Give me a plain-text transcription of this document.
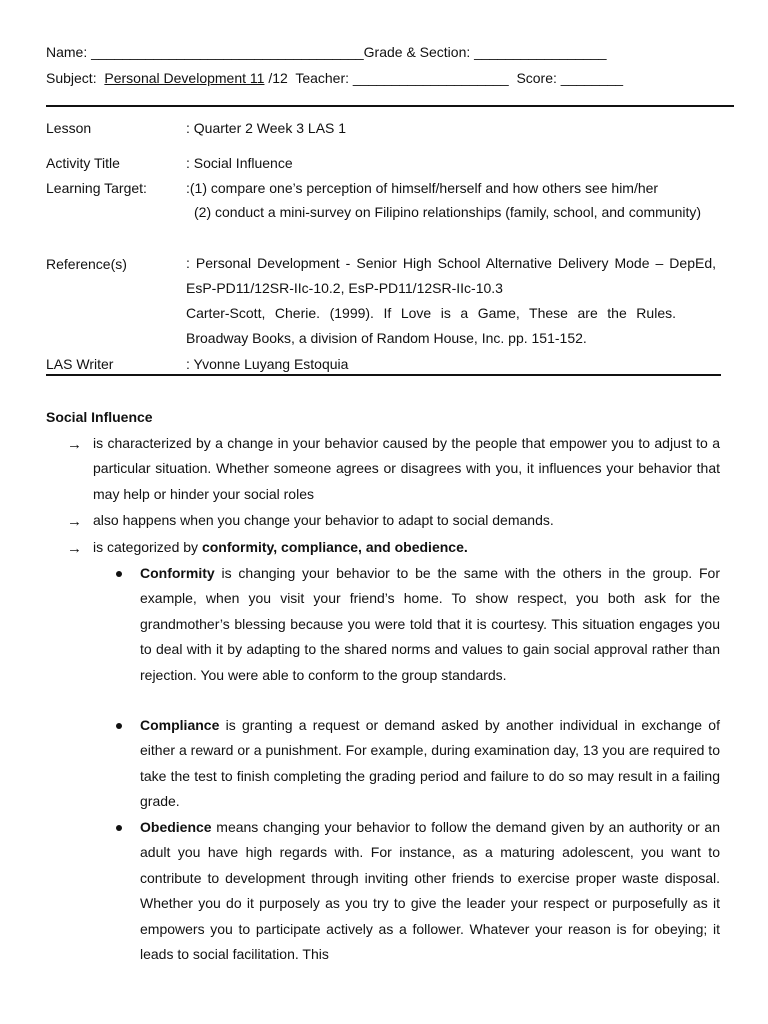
Name: ___________________________________Grade & Section: _________________
Subject: Personal Development 11 /12 Teacher: ____________________ Score: ________
Lesson	: Quarter 2 Week 3 LAS 1
Activity Title	: Social Influence
Learning Target:	:(1) compare one’s perception of himself/herself and how others see him/her
(2) conduct a mini-survey on Filipino relationships (family, school, and community)
Reference(s)	: Personal Development - Senior High School Alternative Delivery Mode – DepEd, EsP-PD11/12SR-IIc-10.2, EsP-PD11/12SR-IIc-10.3
Carter-Scott, Cherie. (1999). If Love is a Game, These are the Rules. Broadway Books, a division of Random House, Inc. pp. 151-152.
LAS Writer	: Yvonne Luyang Estoquia
Social Influence
→ is characterized by a change in your behavior caused by the people that empower you to adjust to a particular situation. Whether someone agrees or disagrees with you, it influences your behavior that may help or hinder your social roles
→ also happens when you change your behavior to adapt to social demands.
→ is categorized by conformity, compliance, and obedience.
Conformity is changing your behavior to be the same with the others in the group. For example, when you visit your friend’s home. To show respect, you both ask for the grandmother’s blessing because you were told that it is courtesy. This situation engages you to deal with it by adapting to the shared norms and values to gain social approval rather than rejection. You were able to conform to the group standards.
Compliance is granting a request or demand asked by another individual in exchange of either a reward or a punishment. For example, during examination day, 13 you are required to take the test to finish completing the grading period and failure to do so may result in a failing grade.
Obedience means changing your behavior to follow the demand given by an authority or an adult you have high regards with. For instance, as a maturing adolescent, you want to contribute to development through inviting other friends to exercise proper waste disposal. Whether you do it purposely as you try to give the leader your respect or purposefully as it empowers you to participate actively as a follower. Whatever your reason is for obeying; it leads to social facilitation. This
